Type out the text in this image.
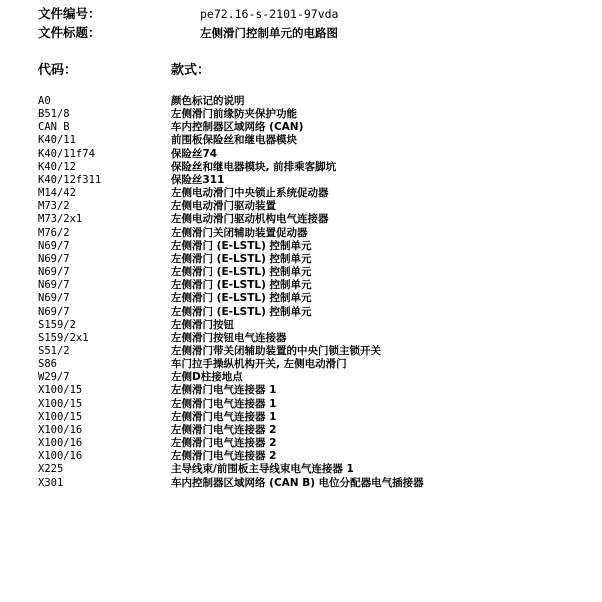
文件编号：	pe72.16-s-2101-97vda
文件标题：	左侧滑门控制单元的电路图
代码：	款式：
A0	颜色标记的说明
B51/8	左侧滑门前缘防夹保护功能
CAN B	车内控制器区域网络 (CAN)
K40/11	前围板保险丝和继电器模块
K40/11f74	保险丝74
K40/12	保险丝和继电器模块, 前排乘客脚坑
K40/12f311	保险丝311
M14/42	左侧电动滑门中央锁止系统促动器
M73/2	左侧电动滑门驱动装置
M73/2x1	左侧电动滑门驱动机构电气连接器
M76/2	左侧滑门关闭辅助装置促动器
N69/7	左侧滑门 (E-LSTL) 控制单元
N69/7	左侧滑门 (E-LSTL) 控制单元
N69/7	左侧滑门 (E-LSTL) 控制单元
N69/7	左侧滑门 (E-LSTL) 控制单元
N69/7	左侧滑门 (E-LSTL) 控制单元
N69/7	左侧滑门 (E-LSTL) 控制单元
S159/2	左侧滑门按钮
S159/2x1	左侧滑门按钮电气连接器
S51/2	左侧滑门带关闭辅助装置的中央门锁主锁开关
S86	车门拉手操纵机构开关, 左侧电动滑门
W29/7	左侧D柱接地点
X100/15	左侧滑门电气连接器 1
X100/15	左侧滑门电气连接器 1
X100/15	左侧滑门电气连接器 1
X100/16	左侧滑门电气连接器 2
X100/16	左侧滑门电气连接器 2
X100/16	左侧滑门电气连接器 2
X225	主导线束/前围板主导线束电气连接器 1
X301	车内控制器区域网络 (CAN B) 电位分配器电气插接器
